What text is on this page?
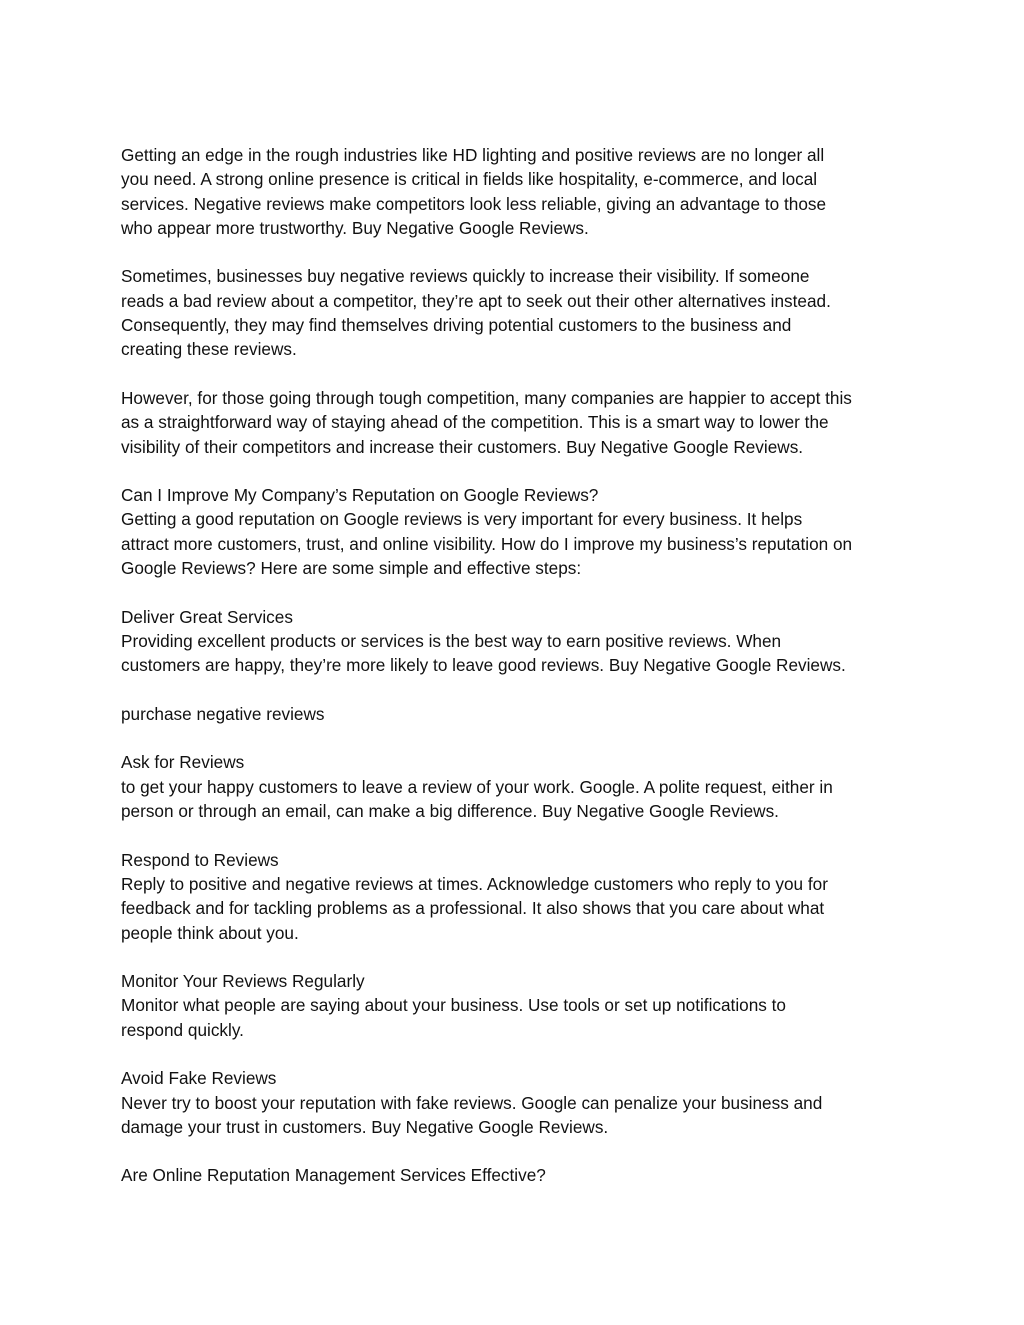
Getting an edge in the rough industries like HD lighting and positive reviews are no longer all
you need. A strong online presence is critical in fields like hospitality, e-commerce, and local
services. Negative reviews make competitors look less reliable, giving an advantage to those
who appear more trustworthy. Buy Negative Google Reviews.
Sometimes, businesses buy negative reviews quickly to increase their visibility. If someone
reads a bad review about a competitor, they’re apt to seek out their other alternatives instead.
Consequently, they may find themselves driving potential customers to the business and
creating these reviews.
However, for those going through tough competition, many companies are happier to accept this
as a straightforward way of staying ahead of the competition. This is a smart way to lower the
visibility of their competitors and increase their customers. Buy Negative Google Reviews.
Can I Improve My Company’s Reputation on Google Reviews?
Getting a good reputation on Google reviews is very important for every business. It helps
attract more customers, trust, and online visibility. How do I improve my business’s reputation on
Google Reviews? Here are some simple and effective steps:
Deliver Great Services
Providing excellent products or services is the best way to earn positive reviews. When
customers are happy, they’re more likely to leave good reviews. Buy Negative Google Reviews.
purchase negative reviews
Ask for Reviews
to get your happy customers to leave a review of your work. Google. A polite request, either in
person or through an email, can make a big difference. Buy Negative Google Reviews.
Respond to Reviews
Reply to positive and negative reviews at times. Acknowledge customers who reply to you for
feedback and for tackling problems as a professional. It also shows that you care about what
people think about you.
Monitor Your Reviews Regularly
Monitor what people are saying about your business. Use tools or set up notifications to
respond quickly.
Avoid Fake Reviews
Never try to boost your reputation with fake reviews. Google can penalize your business and
damage your trust in customers. Buy Negative Google Reviews.
Are Online Reputation Management Services Effective?
